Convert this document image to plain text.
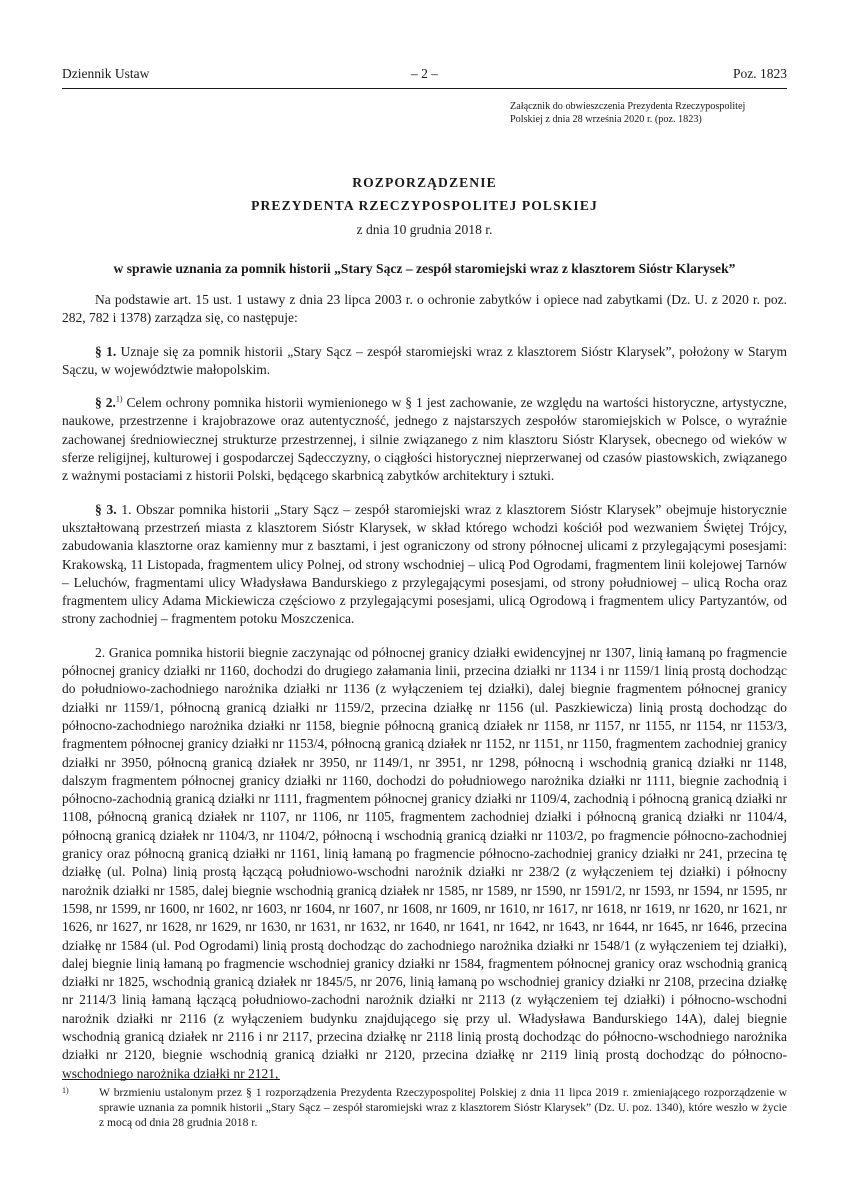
Dziennik Ustaw	– 2 –	Poz. 1823
Załącznik do obwieszczenia Prezydenta Rzeczypospolitej
Polskiej z dnia 28 września 2020 r. (poz. 1823)
ROZPORZĄDZENIE
PREZYDENTA RZECZYPOSPOLITEJ POLSKIEJ
z dnia 10 grudnia 2018 r.
w sprawie uznania za pomnik historii „Stary Sącz – zespół staromiejski wraz z klasztorem Sióstr Klarysek”

Na podstawie art. 15 ust. 1 ustawy z dnia 23 lipca 2003 r. o ochronie zabytków i opiece nad zabytkami (Dz. U. z 2020 r. poz. 282, 782 i 1378) zarządza się, co następuje:

§ 1. Uznaje się za pomnik historii „Stary Sącz – zespół staromiejski wraz z klasztorem Sióstr Klarysek”, położony w Starym Sączu, w województwie małopolskim.

§ 2.$^{1)}$ Celem ochrony pomnika historii wymienionego w § 1 jest zachowanie, ze względu na wartości historyczne, artystyczne, naukowe, przestrzenne i krajobrazowe oraz autentyczność, jednego z najstarszych zespołów staromiejskich w Polsce, o wyraźnie zachowanej średniowiecznej strukturze przestrzennej, i silnie związanego z nim klasztoru Sióstr Klarysek, obecnego od wieków w sferze religijnej, kulturowej i gospodarczej Sądecczyzny, o ciągłości historycznej nieprzerwanej od czasów piastowskich, związanego z ważnymi postaciami z historii Polski, będącego skarbnicą zabytków architektury i sztuki.

§ 3. 1. Obszar pomnika historii „Stary Sącz – zespół staromiejski wraz z klasztorem Sióstr Klarysek” obejmuje historycznie ukształtowaną przestrzeń miasta z klasztorem Sióstr Klarysek, w skład którego wchodzi kościół pod wezwaniem Świętej Trójcy, zabudowania klasztorne oraz kamienny mur z basztami, i jest ograniczony od strony północnej ulicami z przylegającymi posesjami: Krakowską, 11 Listopada, fragmentem ulicy Polnej, od strony wschodniej – ulicą Pod Ogrodami, fragmentem linii kolejowej Tarnów – Leluchów, fragmentami ulicy Władysława Bandurskiego z przylegającymi posesjami, od strony południowej – ulicą Rocha oraz fragmentem ulicy Adama Mickiewicza częściowo z przylegającymi posesjami, ulicą Ogrodową i fragmentem ulicy Partyzantów, od strony zachodniej – fragmentem potoku Moszczenica.

2. Granica pomnika historii biegnie zaczynając od północnej granicy działki ewidencyjnej nr 1307, linią łamaną po fragmencie północnej granicy działki nr 1160, dochodzi do drugiego załamania linii, przecina działki nr 1134 i nr 1159/1 linią prostą dochodząc do południowo-zachodniego narożnika działki nr 1136 (z wyłączeniem tej działki), dalej biegnie fragmentem północnej granicy działki nr 1159/1, północną granicą działki nr 1159/2, przecina działkę nr 1156 (ul. Paszkiewicza) linią prostą dochodząc do północno-zachodniego narożnika działki nr 1158, biegnie północną granicą działek nr 1158, nr 1157, nr 1155, nr 1154, nr 1153/3, fragmentem północnej granicy działki nr 1153/4, północną granicą działek nr 1152, nr 1151, nr 1150, fragmentem zachodniej granicy działki nr 3950, północną granicą działek nr 3950, nr 1149/1, nr 3951, nr 1298, północną i wschodnią granicą działki nr 1148, dalszym fragmentem północnej granicy działki nr 1160, dochodzi do południowego narożnika działki nr 1111, biegnie zachodnią i północno-zachodnią granicą działki nr 1111, fragmentem północnej granicy działki nr 1109/4, zachodnią i północną granicą działki nr 1108, północną granicą działek nr 1107, nr 1106, nr 1105, fragmentem zachodniej działki i północną granicą działki nr 1104/4, północną granicą działek nr 1104/3, nr 1104/2, północną i wschodnią granicą działki nr 1103/2, po fragmencie północno-zachodniej granicy oraz północną granicą działki nr 1161, linią łamaną po fragmencie północno-zachodniej granicy działki nr 241, przecina tę działkę (ul. Polna) linią prostą łączącą południowo-wschodni narożnik działki nr 238/2 (z wyłączeniem tej działki) i północny narożnik działki nr 1585, dalej biegnie wschodnią granicą działek nr 1585, nr 1589, nr 1590, nr 1591/2, nr 1593, nr 1594, nr 1595, nr 1598, nr 1599, nr 1600, nr 1602, nr 1603, nr 1604, nr 1607, nr 1608, nr 1609, nr 1610, nr 1617, nr 1618, nr 1619, nr 1620, nr 1621, nr 1626, nr 1627, nr 1628, nr 1629, nr 1630, nr 1631, nr 1632, nr 1640, nr 1641, nr 1642, nr 1643, nr 1644, nr 1645, nr 1646, przecina działkę nr 1584 (ul. Pod Ogrodami) linią prostą dochodząc do zachodniego narożnika działki nr 1548/1 (z wyłączeniem tej działki), dalej biegnie linią łamaną po fragmencie wschodniej granicy działki nr 1584, fragmentem północnej granicy oraz wschodnią granicą działki nr 1825, wschodnią granicą działek nr 1845/5, nr 2076, linią łamaną po wschodniej granicy działki nr 2108, przecina działkę nr 2114/3 linią łamaną łączącą południowo-zachodni narożnik działki nr 2113 (z wyłączeniem tej działki) i północno-wschodni narożnik działki nr 2116 (z wyłączeniem budynku znajdującego się przy ul. Władysława Bandurskiego 14A), dalej biegnie wschodnią granicą działek nr 2116 i nr 2117, przecina działkę nr 2118 linią prostą dochodząc do północno-wschodniego narożnika działki nr 2120, biegnie wschodnią granicą działki nr 2120, przecina działkę nr 2119 linią prostą dochodząc do północno-wschodniego narożnika działki nr 2121,

1)	W brzmieniu ustalonym przez § 1 rozporządzenia Prezydenta Rzeczypospolitej Polskiej z dnia 11 lipca 2019 r. zmieniającego rozporządzenie w sprawie uznania za pomnik historii „Stary Sącz – zespół staromiejski wraz z klasztorem Sióstr Klarysek” (Dz. U. poz. 1340), które weszło w życie z mocą od dnia 28 grudnia 2018 r.
